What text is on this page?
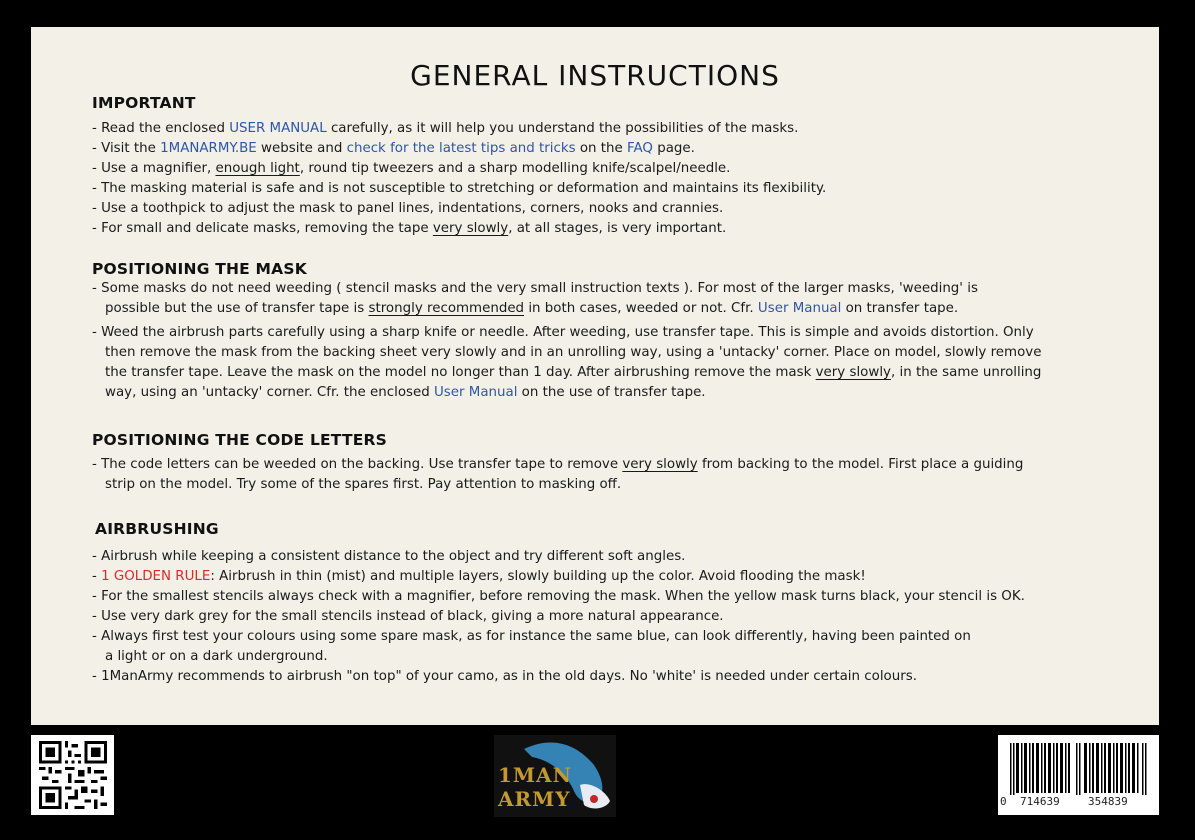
GENERAL INSTRUCTIONS
IMPORTANT
- Read the enclosed USER MANUAL carefully, as it will help you understand the possibilities of the masks.
- Visit the 1MANARMY.BE website and check for the latest tips and tricks on the FAQ page.
- Use a magnifier, enough light, round tip tweezers and a sharp modelling knife/scalpel/needle.
- The masking material is safe and is not susceptible to stretching or deformation and maintains its flexibility.
- Use a toothpick to adjust the mask to panel lines, indentations, corners, nooks and crannies.
- For small and delicate masks, removing the tape very slowly, at all stages, is very important.
POSITIONING THE MASK
- Some masks do not need weeding ( stencil masks and the very small instruction texts ). For most of the larger masks, 'weeding' is
possible but the use of transfer tape is strongly recommended in both cases, weeded or not. Cfr. User Manual on transfer tape.
- Weed the airbrush parts carefully using a sharp knife or needle. After weeding, use transfer tape. This is simple and avoids distortion. Only
then remove the mask from the backing sheet very slowly and in an unrolling way, using a 'untacky' corner. Place on model, slowly remove
the transfer tape. Leave the mask on the model no longer than 1 day. After airbrushing remove the mask very slowly, in the same unrolling
way, using an 'untacky' corner. Cfr. the enclosed User Manual on the use of transfer tape.
POSITIONING THE CODE LETTERS
- The code letters can be weeded on the backing. Use transfer tape to remove very slowly from backing to the model. First place a guiding
strip on the model. Try some of the spares first. Pay attention to masking off.
AIRBRUSHING
- Airbrush while keeping a consistent distance to the object and try different soft angles.
- 1 GOLDEN RULE: Airbrush in thin (mist) and multiple layers, slowly building up the color. Avoid flooding the mask!
- For the smallest stencils always check with a magnifier, before removing the mask. When the yellow mask turns black, your stencil is OK.
- Use very dark grey for the small stencils instead of black, giving a more natural appearance.
- Always first test your colours using some spare mask, as for instance the same blue, can look differently, having been painted on
a light or on a dark underground.
- 1ManArmy recommends to airbrush "on top" of your camo, as in the old days. No 'white' is needed under certain colours.
1MAN
ARMY	0 714639	354839
